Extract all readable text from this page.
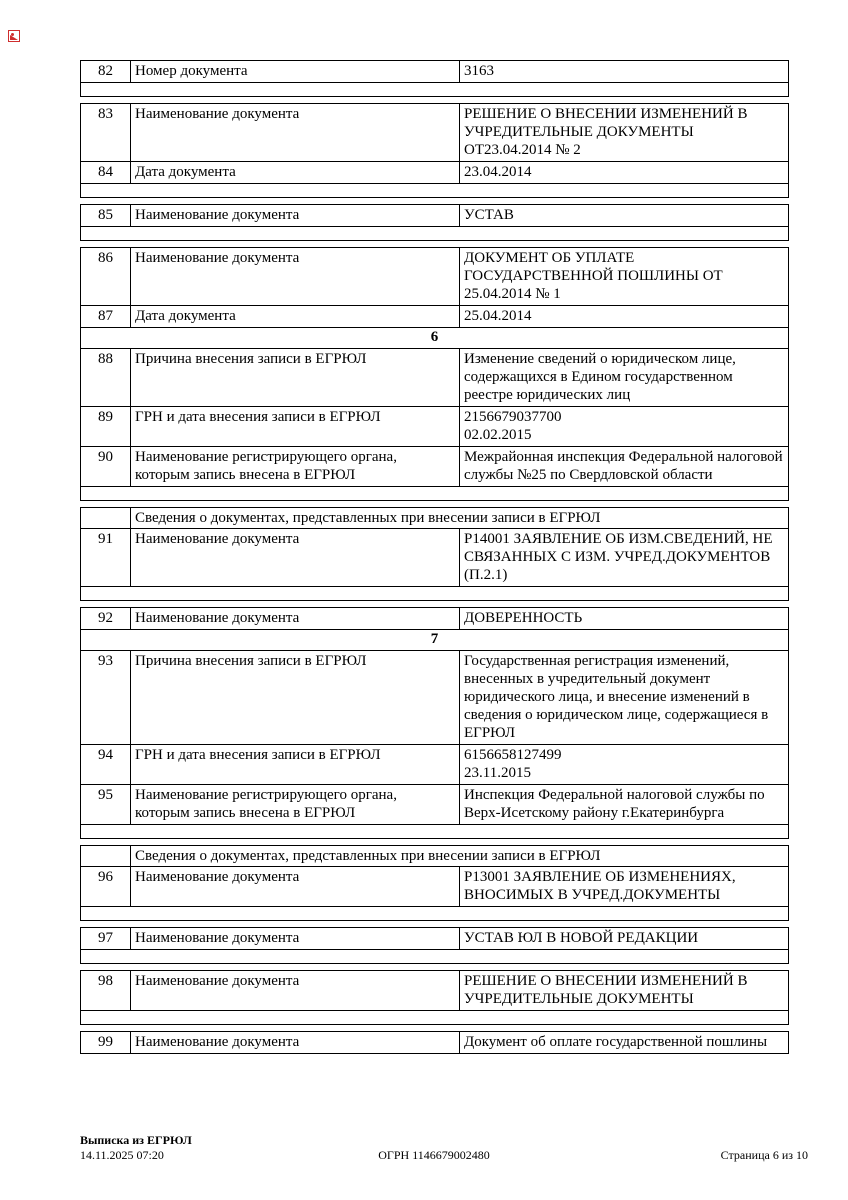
82	Номер документа	3163

83	Наименование документа	РЕШЕНИЕ О ВНЕСЕНИИ ИЗМЕНЕНИЙ В УЧРЕДИТЕЛЬНЫЕ ДОКУМЕНТЫ ОТ23.04.2014 № 2
84	Дата документа	23.04.2014

85	Наименование документа	УСТАВ

86	Наименование документа	ДОКУМЕНТ ОБ УПЛАТЕ ГОСУДАРСТВЕННОЙ ПОШЛИНЫ ОТ 25.04.2014 № 1
87	Дата документа	25.04.2014
6		
88	Причина внесения записи в ЕГРЮЛ	Изменение сведений о юридическом лице, содержащихся в Едином государственном реестре юридических лиц
89	ГРН и дата внесения записи в ЕГРЮЛ	2156679037700
02.02.2015

90	Наименование регистрирующего органа, которым запись внесена в ЕГРЮЛ	Межрайонная инспекция Федеральной налоговой службы №25 по Свердловской области

	Сведения о документах, представленных при внесении записи в ЕГРЮЛ	
91	Наименование документа	Р14001 ЗАЯВЛЕНИЕ ОБ ИЗМ.СВЕДЕНИЙ, НЕ СВЯЗАННЫХ С ИЗМ. УЧРЕД.ДОКУМЕНТОВ (П.2.1)

92	Наименование документа	ДОВЕРЕННОСТЬ
7		
93	Причина внесения записи в ЕГРЮЛ	Государственная регистрация изменений, внесенных в учредительный документ юридического лица, и внесение изменений в сведения о юридическом лице, содержащиеся в ЕГРЮЛ
94	ГРН и дата внесения записи в ЕГРЮЛ	6156658127499
23.11.2015

95	Наименование регистрирующего органа, которым запись внесена в ЕГРЮЛ	Инспекция Федеральной налоговой службы по Верх-Исетскому району г.Екатеринбурга

	Сведения о документах, представленных при внесении записи в ЕГРЮЛ	
96	Наименование документа	Р13001 ЗАЯВЛЕНИЕ ОБ ИЗМЕНЕНИЯХ, ВНОСИМЫХ В УЧРЕД.ДОКУМЕНТЫ

97	Наименование документа	УСТАВ ЮЛ В НОВОЙ РЕДАКЦИИ

98	Наименование документа	РЕШЕНИЕ О ВНЕСЕНИИ ИЗМЕНЕНИЙ В УЧРЕДИТЕЛЬНЫЕ ДОКУМЕНТЫ

99	Наименование документа	Документ об оплате государственной пошлины
Выписка из ЕГРЮЛ
14.11.2025 07:20	ОГРН 1146679002480	Страница 6 из 10
